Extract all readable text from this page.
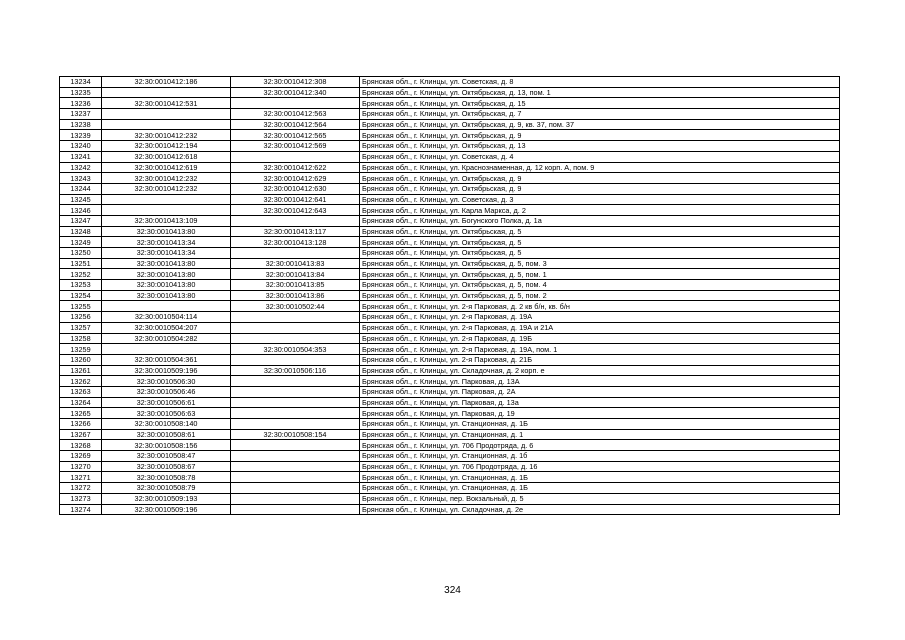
13234	32:30:0010412:186	32:30:0010412:308	Брянская обл., г. Клинцы, ул. Советская, д. 8
13235		32:30:0010412:340	Брянская обл., г. Клинцы, ул. Октябрьская, д. 13, пом. 1
13236	32:30:0010412:531		Брянская обл., г. Клинцы, ул. Октябрьская, д. 15
13237		32:30:0010412:563	Брянская обл., г. Клинцы, ул. Октябрьская, д. 7
13238		32:30:0010412:564	Брянская обл., г. Клинцы, ул. Октябрьская, д. 9, кв. 37, пом. 37
13239	32:30:0010412:232	32:30:0010412:565	Брянская обл., г. Клинцы, ул. Октябрьская, д. 9
13240	32:30:0010412:194	32:30:0010412:569	Брянская обл., г. Клинцы, ул. Октябрьская, д. 13
13241	32:30:0010412:618		Брянская обл., г. Клинцы, ул. Советская, д. 4
13242	32:30:0010412:619	32:30:0010412:622	Брянская обл., г. Клинцы, ул. Краснознаменная, д. 12 корп. А, пом. 9
13243	32:30:0010412:232	32:30:0010412:629	Брянская обл., г. Клинцы, ул. Октябрьская, д. 9
13244	32:30:0010412:232	32:30:0010412:630	Брянская обл., г. Клинцы, ул. Октябрьская, д. 9
13245		32:30:0010412:641	Брянская обл., г. Клинцы, ул. Советская, д. 3
13246		32:30:0010412:643	Брянская обл., г. Клинцы, ул. Карла Маркса, д. 2
13247	32:30:0010413:109		Брянская обл., г. Клинцы, ул. Богунского Полка, д. 1а
13248	32:30:0010413:80	32:30:0010413:117	Брянская обл., г. Клинцы, ул. Октябрьская, д. 5
13249	32:30:0010413:34	32:30:0010413:128	Брянская обл., г. Клинцы, ул. Октябрьская, д. 5
13250	32:30:0010413:34		Брянская обл., г. Клинцы, ул. Октябрьская, д. 5
13251	32:30:0010413:80	32:30:0010413:83	Брянская обл., г. Клинцы, ул. Октябрьская, д. 5, пом. 3
13252	32:30:0010413:80	32:30:0010413:84	Брянская обл., г. Клинцы, ул. Октябрьская, д. 5, пом. 1
13253	32:30:0010413:80	32:30:0010413:85	Брянская обл., г. Клинцы, ул. Октябрьская, д. 5, пом. 4
13254	32:30:0010413:80	32:30:0010413:86	Брянская обл., г. Клинцы, ул. Октябрьская, д. 5, пом. 2
13255		32:30:0010502:44	Брянская обл., г. Клинцы, ул. 2-я Парковая, д. 2 кв б/н, кв. б/н
13256	32:30:0010504:114		Брянская обл., г. Клинцы, ул. 2-я Парковая, д. 19А
13257	32:30:0010504:207		Брянская обл., г. Клинцы, ул. 2-я Парковая, д. 19А и 21А
13258	32:30:0010504:282		Брянская обл., г. Клинцы, ул. 2-я Парковая, д. 19Б
13259		32:30:0010504:353	Брянская обл., г. Клинцы, ул. 2-я Парковая, д. 19А, пом. 1
13260	32:30:0010504:361		Брянская обл., г. Клинцы, ул. 2-я Парковая, д. 21Б
13261	32:30:0010509:196	32:30:0010506:116	Брянская обл., г. Клинцы, ул. Складочная, д. 2 корп. е
13262	32:30:0010506:30		Брянская обл., г. Клинцы, ул. Парковая, д. 13А
13263	32:30:0010506:46		Брянская обл., г. Клинцы, ул. Парковая, д. 2А
13264	32:30:0010506:61		Брянская обл., г. Клинцы, ул. Парковая, д. 13а
13265	32:30:0010506:63		Брянская обл., г. Клинцы, ул. Парковая, д. 19
13266	32:30:0010508:140		Брянская обл., г. Клинцы, ул. Станционная, д. 1Б
13267	32:30:0010508:61	32:30:0010508:154	Брянская обл., г. Клинцы, ул. Станционная, д. 1
13268	32:30:0010508:156		Брянская обл., г. Клинцы, ул. 706 Продотряда, д. 6
13269	32:30:0010508:47		Брянская обл., г. Клинцы, ул. Станционная, д. 1б
13270	32:30:0010508:67		Брянская обл., г. Клинцы, ул. 706 Продотряда, д. 16
13271	32:30:0010508:78		Брянская обл., г. Клинцы, ул. Станционная, д. 1Б
13272	32:30:0010508:79		Брянская обл., г. Клинцы, ул. Станционная, д. 1Б
13273	32:30:0010509:193		Брянская обл., г. Клинцы, пер. Вокзальный, д. 5
13274	32:30:0010509:196		Брянская обл., г. Клинцы, ул. Складочная, д. 2е
324
